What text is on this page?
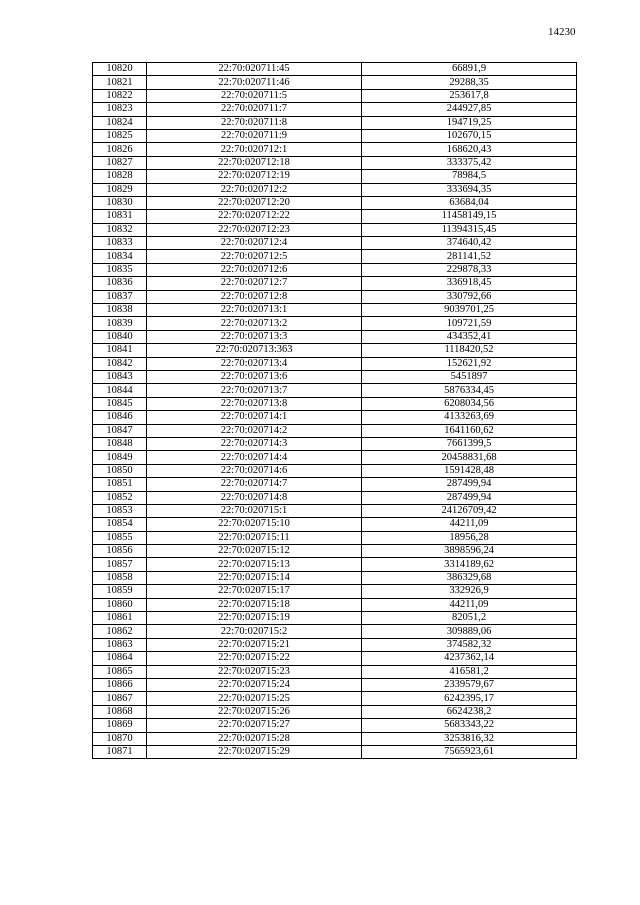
14230
10820	22:70:020711:45	66891,9
10821	22:70:020711:46	29288,35
10822	22:70:020711:5	253617,8
10823	22:70:020711:7	244927,85
10824	22:70:020711:8	194719,25
10825	22:70:020711:9	102670,15
10826	22:70:020712:1	168620,43
10827	22:70:020712:18	333375,42
10828	22:70:020712:19	78984,5
10829	22:70:020712:2	333694,35
10830	22:70:020712:20	63684,04
10831	22:70:020712:22	11458149,15
10832	22:70:020712:23	11394315,45
10833	22:70:020712:4	374640,42
10834	22:70:020712:5	281141,52
10835	22:70:020712:6	229878,33
10836	22:70:020712:7	336918,45
10837	22:70:020712:8	330792,66
10838	22:70:020713:1	9039701,25
10839	22:70:020713:2	109721,59
10840	22:70:020713:3	434352,41
10841	22:70:020713:363	1118420,52
10842	22:70:020713:4	152621,92
10843	22:70:020713:6	5451897
10844	22:70:020713:7	5876334,45
10845	22:70:020713:8	6208034,56
10846	22:70:020714:1	4133263,69
10847	22:70:020714:2	1641160,62
10848	22:70:020714:3	7661399,5
10849	22:70:020714:4	20458831,68
10850	22:70:020714:6	1591428,48
10851	22:70:020714:7	287499,94
10852	22:70:020714:8	287499,94
10853	22:70:020715:1	24126709,42
10854	22:70:020715:10	44211,09
10855	22:70:020715:11	18956,28
10856	22:70:020715:12	3898596,24
10857	22:70:020715:13	3314189,62
10858	22:70:020715:14	386329,68
10859	22:70:020715:17	332926,9
10860	22:70:020715:18	44211,09
10861	22:70:020715:19	82051,2
10862	22:70:020715:2	309889,06
10863	22:70:020715:21	374582,32
10864	22:70:020715:22	4237362,14
10865	22:70:020715:23	416581,2
10866	22:70:020715:24	2339579,67
10867	22:70:020715:25	6242395,17
10868	22:70:020715:26	6624238,2
10869	22:70:020715:27	5683343,22
10870	22:70:020715:28	3253816,32
10871	22:70:020715:29	7565923,61
